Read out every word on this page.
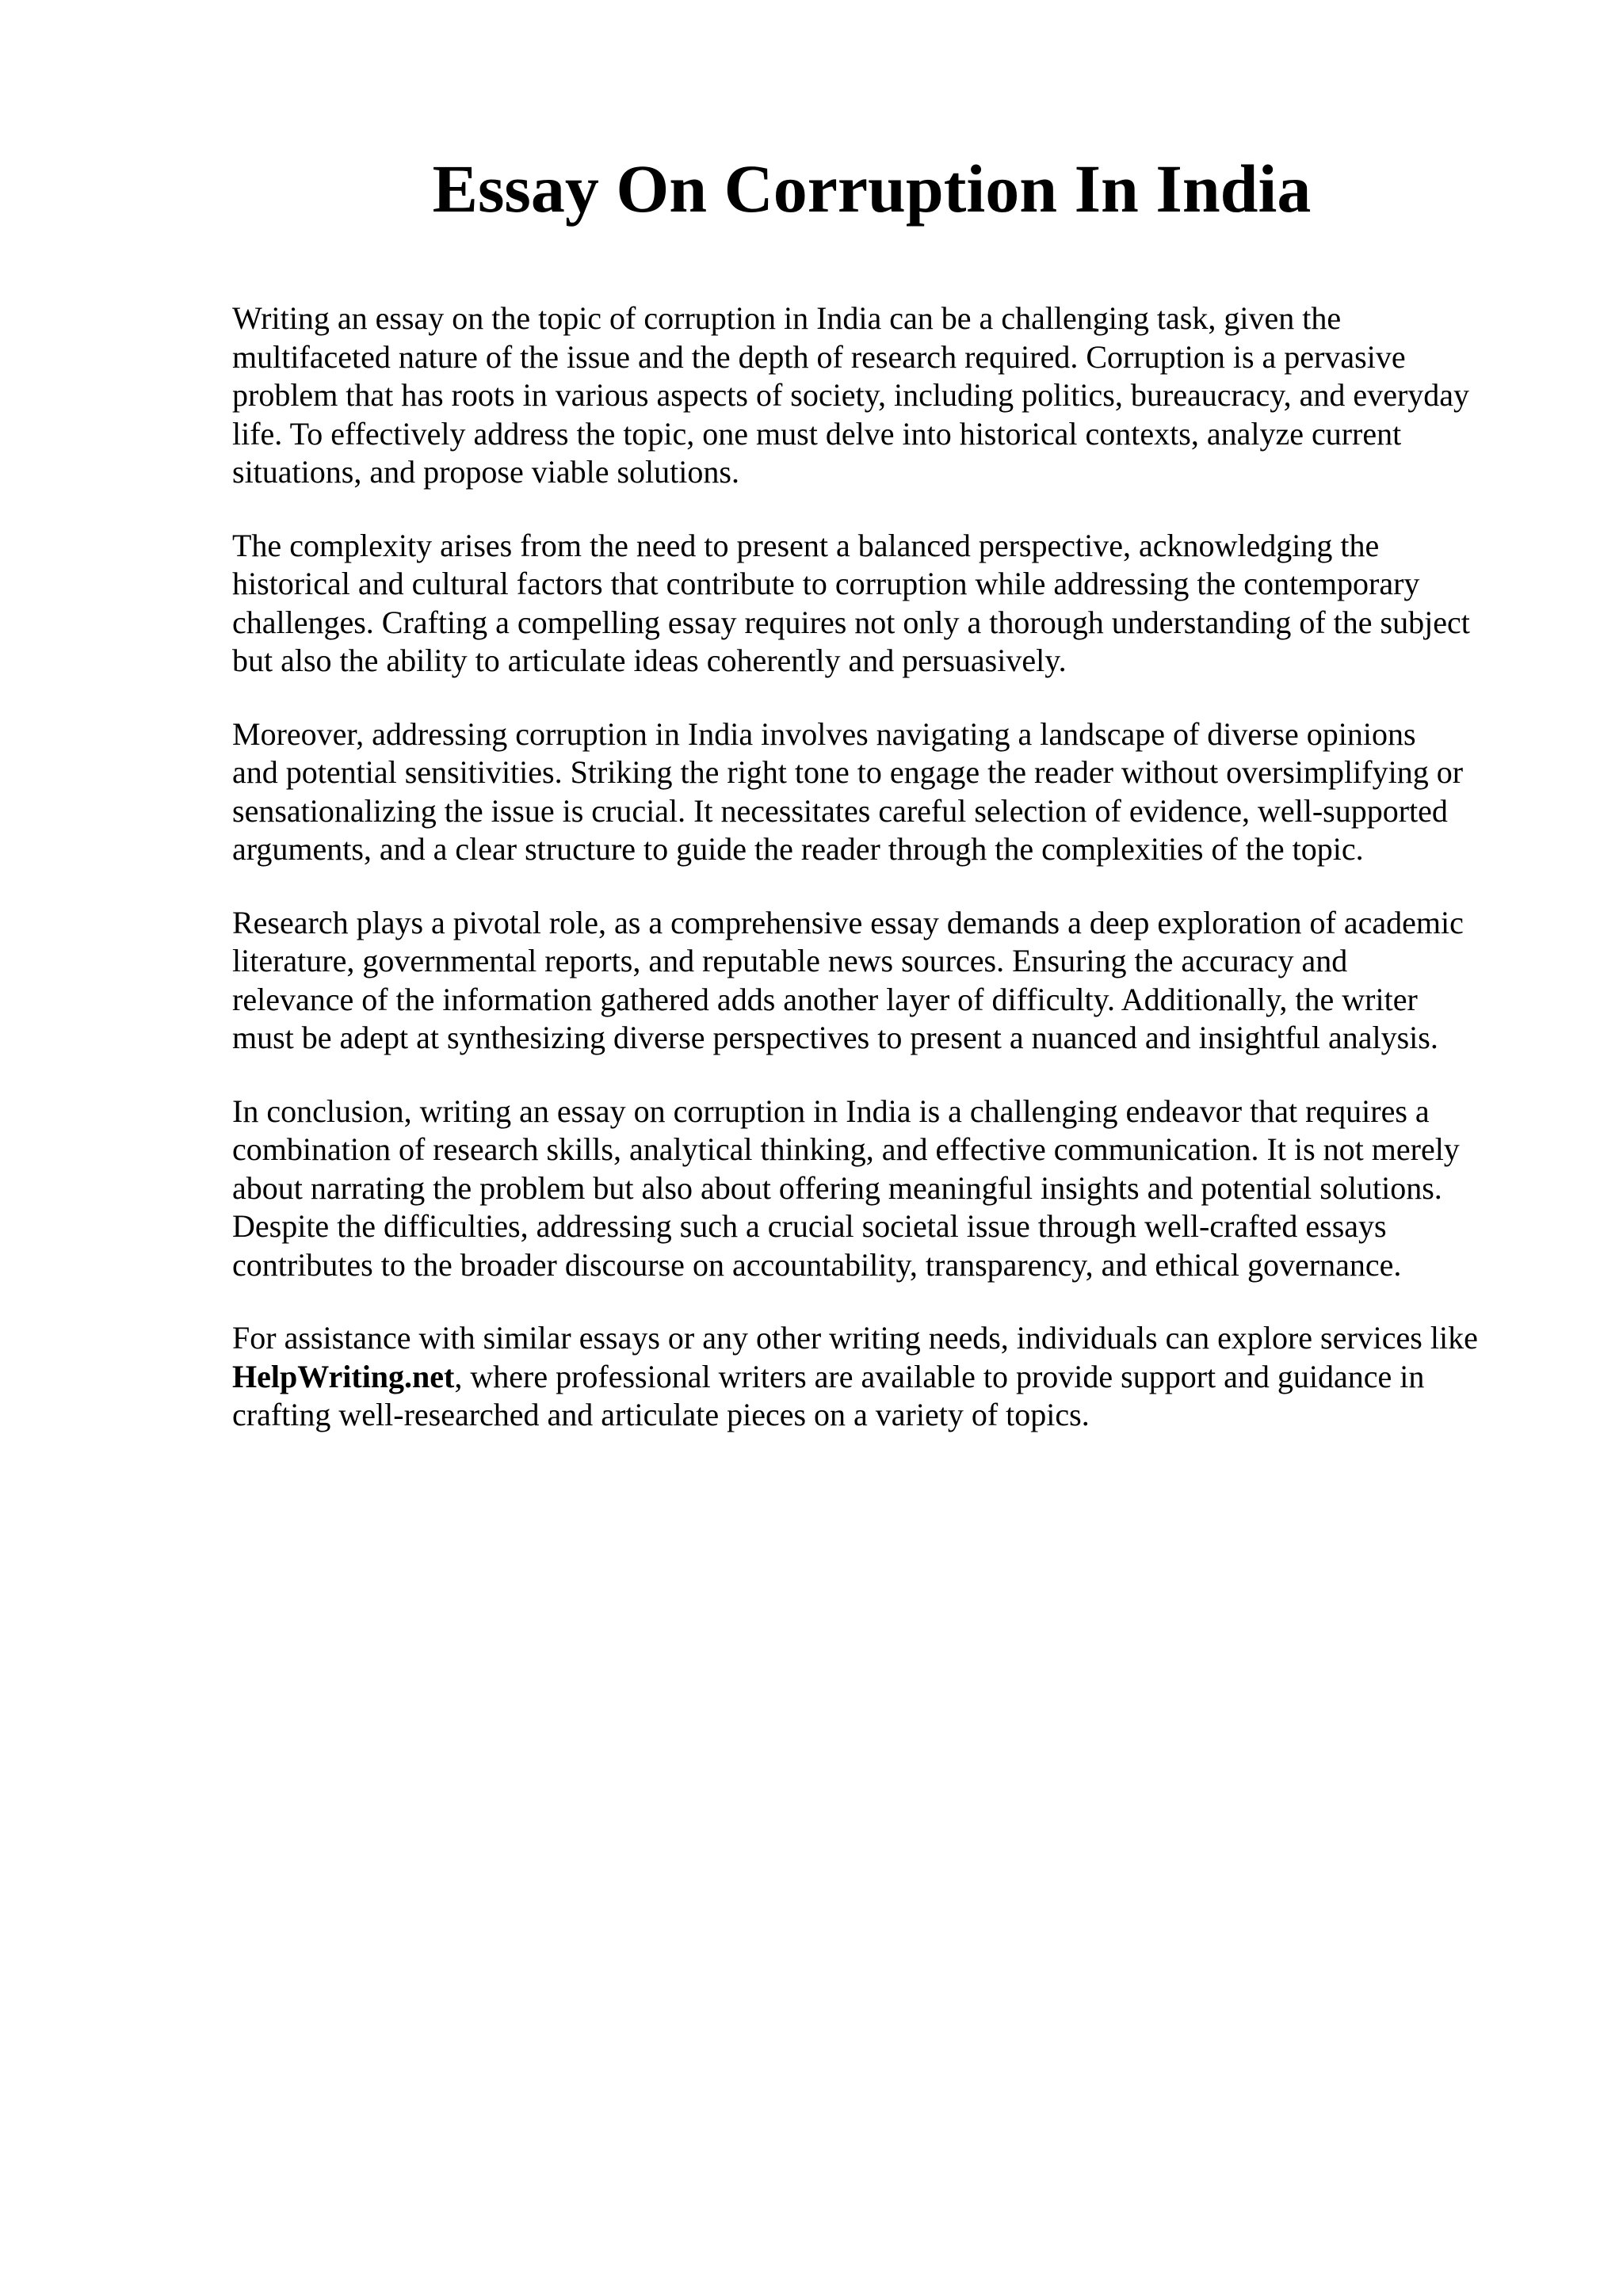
Essay On Corruption In India

Writing an essay on the topic of corruption in India can be a challenging task, given the
multifaceted nature of the issue and the depth of research required. Corruption is a pervasive
problem that has roots in various aspects of society, including politics, bureaucracy, and everyday
life. To effectively address the topic, one must delve into historical contexts, analyze current
situations, and propose viable solutions.

The complexity arises from the need to present a balanced perspective, acknowledging the
historical and cultural factors that contribute to corruption while addressing the contemporary
challenges. Crafting a compelling essay requires not only a thorough understanding of the subject
but also the ability to articulate ideas coherently and persuasively.

Moreover, addressing corruption in India involves navigating a landscape of diverse opinions
and potential sensitivities. Striking the right tone to engage the reader without oversimplifying or
sensationalizing the issue is crucial. It necessitates careful selection of evidence, well-supported
arguments, and a clear structure to guide the reader through the complexities of the topic.

Research plays a pivotal role, as a comprehensive essay demands a deep exploration of academic
literature, governmental reports, and reputable news sources. Ensuring the accuracy and
relevance of the information gathered adds another layer of difficulty. Additionally, the writer
must be adept at synthesizing diverse perspectives to present a nuanced and insightful analysis.

In conclusion, writing an essay on corruption in India is a challenging endeavor that requires a
combination of research skills, analytical thinking, and effective communication. It is not merely
about narrating the problem but also about offering meaningful insights and potential solutions.
Despite the difficulties, addressing such a crucial societal issue through well-crafted essays
contributes to the broader discourse on accountability, transparency, and ethical governance.

For assistance with similar essays or any other writing needs, individuals can explore services like
HelpWriting.net, where professional writers are available to provide support and guidance in
crafting well-researched and articulate pieces on a variety of topics.
